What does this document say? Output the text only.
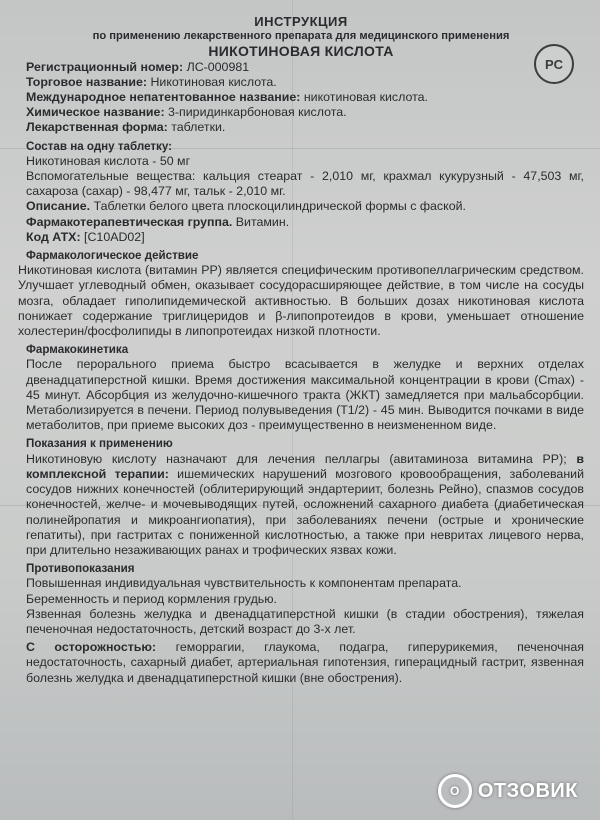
PC

ИНСТРУКЦИЯ

по применению лекарственного препарата для медицинского применения

НИКОТИНОВАЯ КИСЛОТА

Регистрационный номер: ЛС-000981

Торговое название: Никотиновая кислота.

Международное непатентованное название: никотиновая кислота.

Химическое название: 3-пиридинкарбоновая кислота.

Лекарственная форма: таблетки.

Состав на одну таблетку:

Никотиновая кислота - 50 мг

Вспомогательные вещества: кальция стеарат - 2,010 мг, крахмал кукурузный - 47,503 мг, сахароза (сахар) - 98,477 мг, тальк - 2,010 мг.

Описание. Таблетки белого цвета плоскоцилиндрической формы с фаской.

Фармакотерапевтическая группа. Витамин.

Код АТХ: [C10AD02]

Фармакологическое действие

Никотиновая кислота (витамин РР) является специфическим противопеллагрическим средством. Улучшает углеводный обмен, оказывает сосудорасширяющее действие, в том числе на сосуды мозга, обладает гиполипидемической активностью. В больших дозах никотиновая кислота понижает содержание триглицеридов и β-липопротеидов в крови, уменьшает отношение холестерин/фосфолипиды в липопротеидах низкой плотности.

Фармакокинетика

После перорального приема быстро всасывается в желудке и верхних отделах двенадцатиперстной кишки. Время достижения максимальной концентрации в крови (Cmax) - 45 минут. Абсорбция из желудочно-кишечного тракта (ЖКТ) замедляется при мальабсорбции. Метаболизируется в печени. Период полувыведения (T1/2) - 45 мин. Выводится почками в виде метаболитов, при приеме высоких доз - преимущественно в неизмененном виде.

Показания к применению

Никотиновую кислоту назначают для лечения пеллагры (авитаминоза витамина РР); в комплексной терапии: ишемических нарушений мозгового кровообращения, заболеваний сосудов нижних конечностей (облитерирующий эндартериит, болезнь Рейно), спазмов сосудов конечностей, желче- и мочевыводящих путей, осложнений сахарного диабета (диабетическая полинейропатия и микроангиопатия), при заболеваниях печени (острые и хронические гепатиты), при гастритах с пониженной кислотностью, а также при невритах лицевого нерва, при длительно незаживающих ранах и трофических язвах кожи.

Противопоказания

Повышенная индивидуальная чувствительность к компонентам препарата.

Беременность и период кормления грудью.

Язвенная болезнь желудка и двенадцатиперстной кишки (в стадии обострения), тяжелая печеночная недостаточность, детский возраст до 3-х лет.

С осторожностью: геморрагии, глаукома, подагра, гиперурикемия, печеночная недостаточность, сахарный диабет, артериальная гипотензия, гиперацидный гастрит, язвенная болезнь желудка и двенадцатиперстной кишки (вне обострения).

O ОТЗОВИК
